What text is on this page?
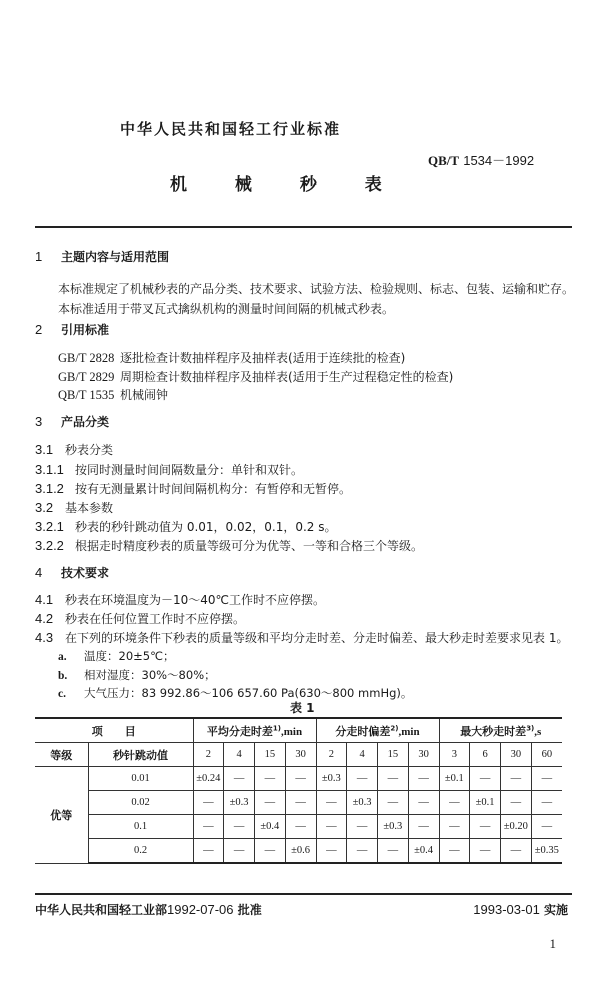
中华人民共和国轻工行业标准
QB/T 1534－1992
机 械 秒 表
1 主题内容与适用范围
本标准规定了机械秒表的产品分类、技术要求、试验方法、检验规则、标志、包装、运输和贮存。
本标准适用于带叉瓦式擒纵机构的测量时间间隔的机械式秒表。
2 引用标准
GB/T 2828 逐批检查计数抽样程序及抽样表(适用于连续批的检查)
GB/T 2829 周期检查计数抽样程序及抽样表(适用于生产过程稳定性的检查)
QB/T 1535 机械闹钟
3 产品分类
3.1 秒表分类
3.1.1 按同时测量时间间隔数量分：单针和双针。
3.1.2 按有无测量累计时间间隔机构分：有暂停和无暂停。
3.2 基本参数
3.2.1 秒表的秒针跳动值为 0.01，0.02，0.1，0.2 s。
3.2.2 根据走时精度秒表的质量等级可分为优等、一等和合格三个等级。
4 技术要求
4.1 秒表在环境温度为－10～40℃工作时不应停摆。
4.2 秒表在任何位置工作时不应停摆。
4.3 在下列的环境条件下秒表的质量等级和平均分走时差、分走时偏差、最大秒走时差要求见表 1。
a. 温度：20±5℃；
b. 相对湿度：30%～80%；
c. 大气压力：83 992.86～106 657.60 Pa(630～800 mmHg)。
表 1
项　　目		平均分走时差$^{1)}$,min				分走时偏差$^{2)}$,min				最大秒走时差$^{3)}$,s			
等级	秒针跳动值	2	4	15	30	2	4	15	30	3	6	30	60
优等	0.01	±0.24	—	—	—	±0.3	—	—	—	±0.1	—	—	—
	0.02	—	±0.3	—	—	—	±0.3	—	—	—	±0.1	—	—
	0.1	—	—	±0.4	—	—	—	±0.3	—	—	—	±0.20	—
	0.2	—	—	—	±0.6	—	—	—	±0.4	—	—	—	±0.35
中华人民共和国轻工业部1992-07-06 批准	1993-03-01 实施
1
